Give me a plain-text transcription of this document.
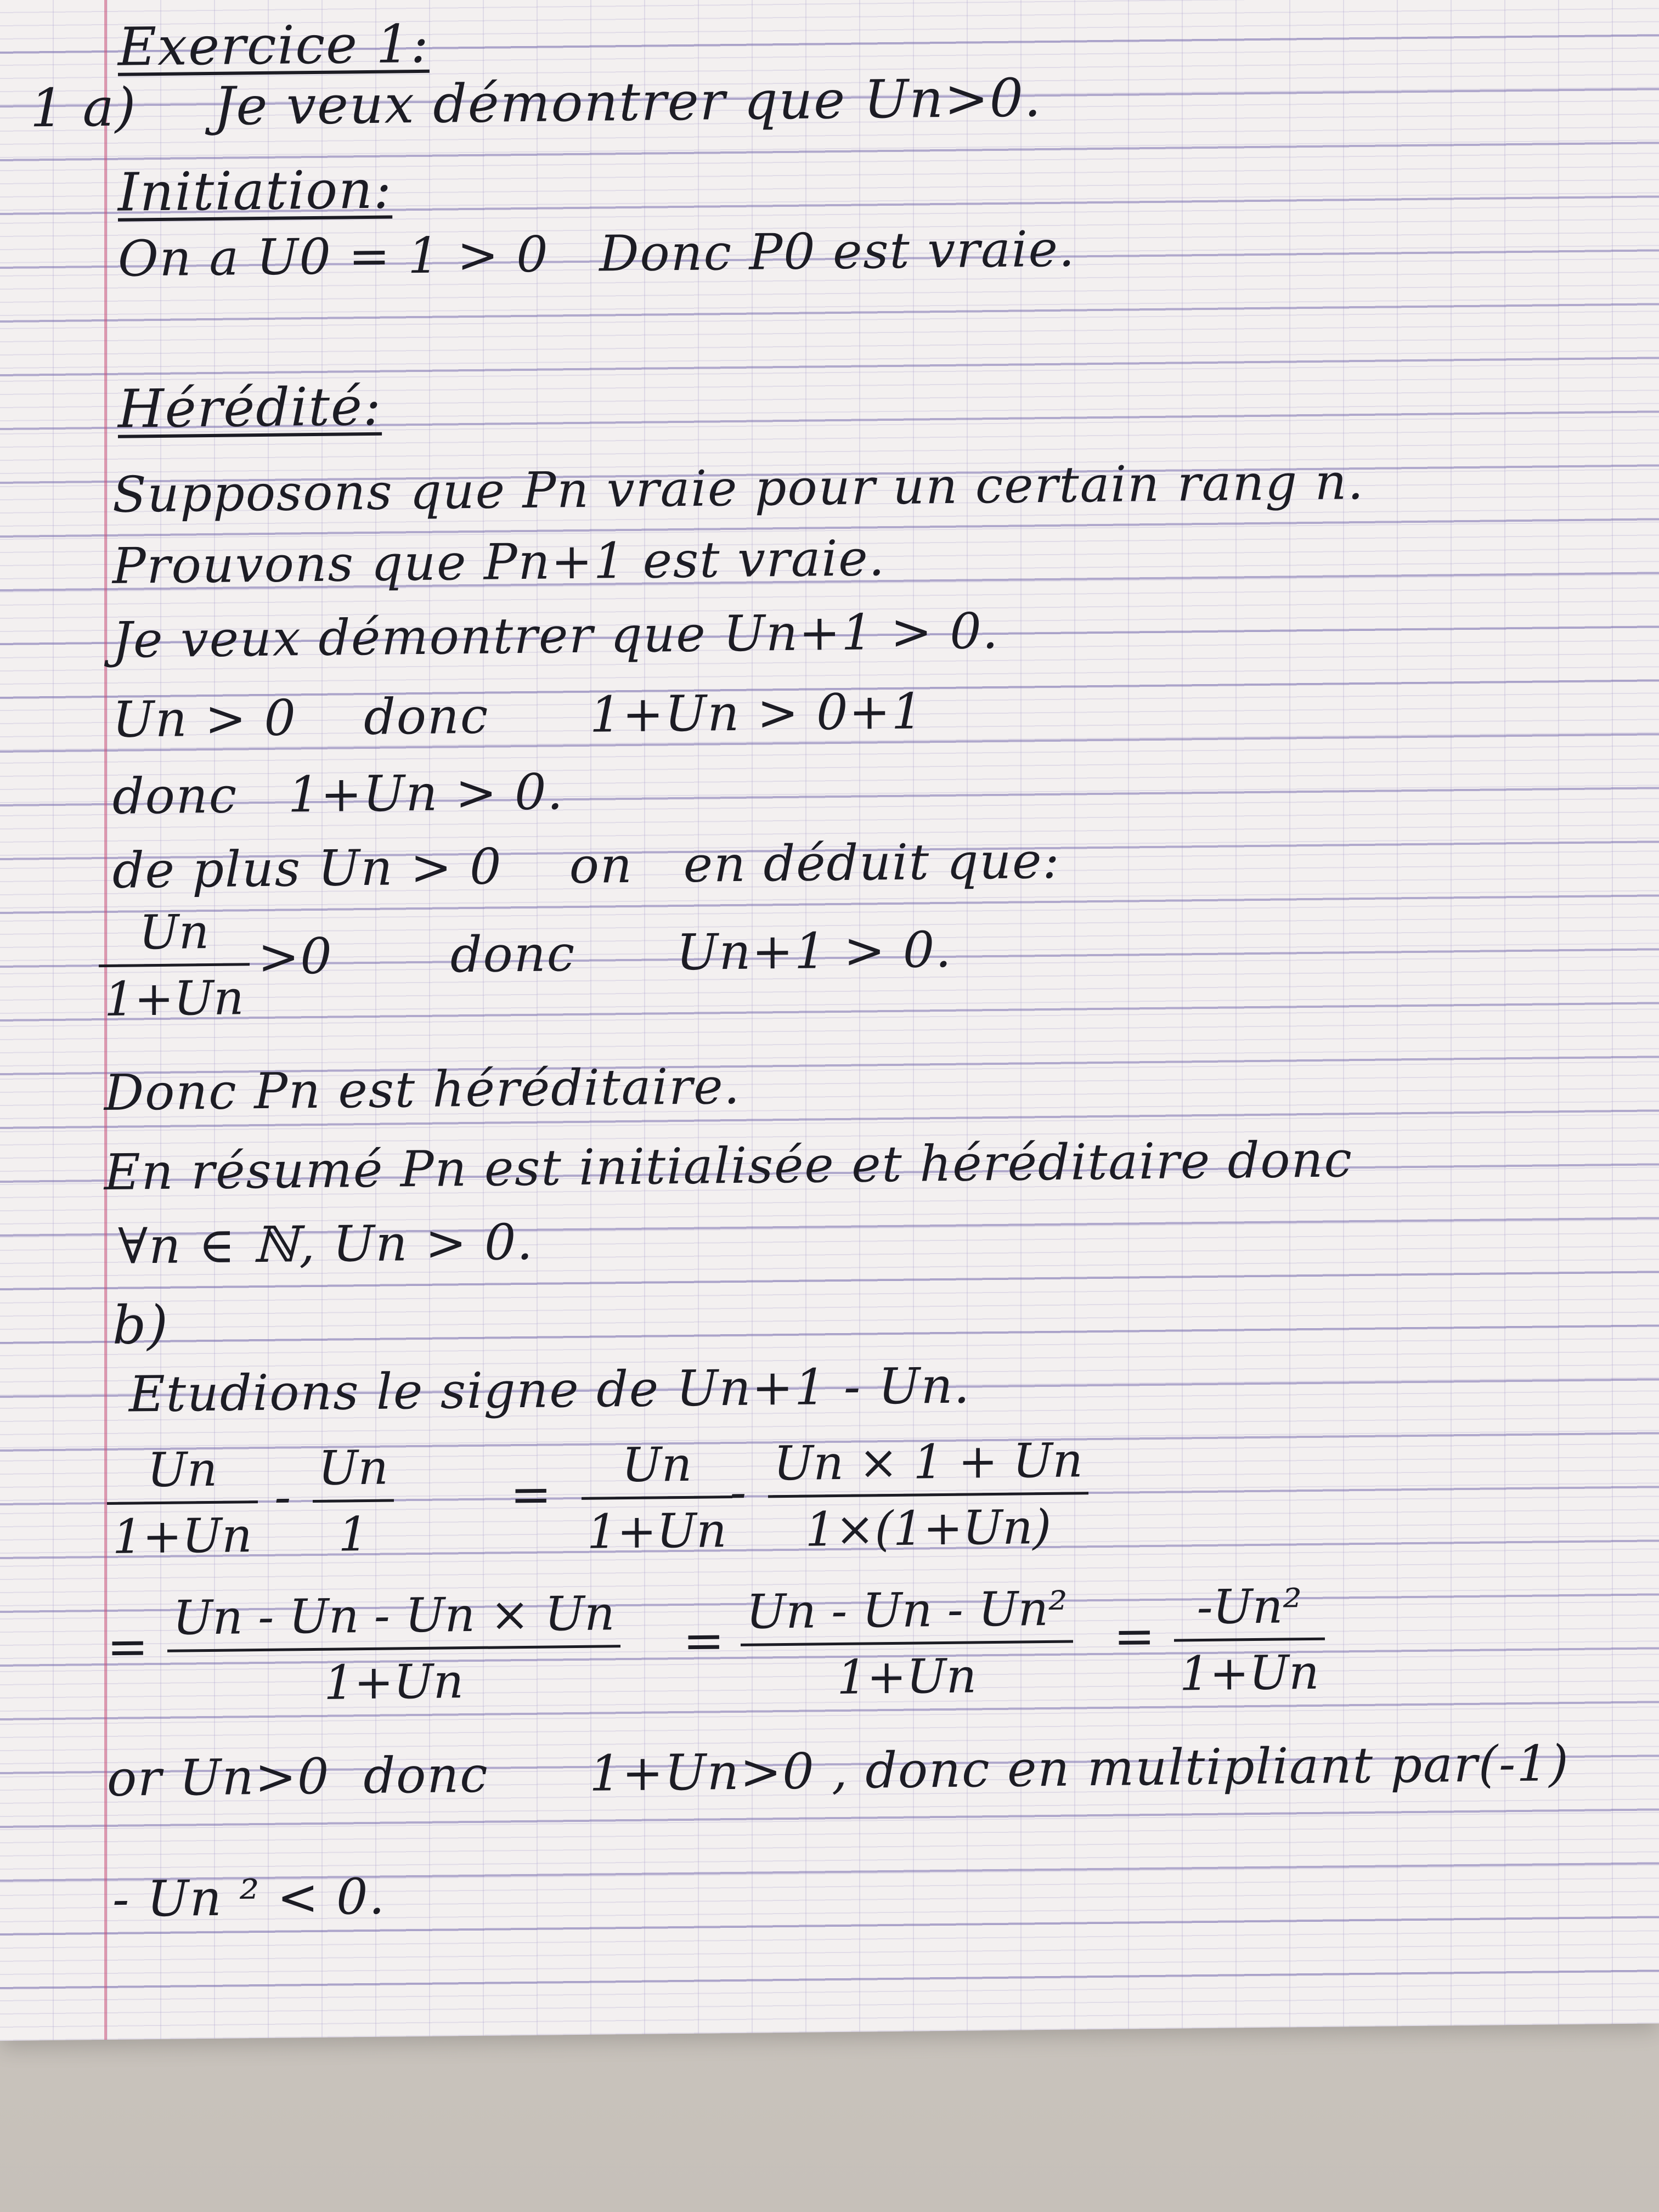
Exercice 1:
1 a) Je veux démontrer que Un>0.
Initiation:
On a U0 = 1 > 0   Donc P0 est vraie.
Hérédité:
Supposons que Pn vraie pour un certain rang n.
Prouvons que Pn+1 est vraie.
Je veux démontrer que Un+1 > 0.
Un > 0    donc      1+Un > 0+1
donc   1+Un > 0.
de plus Un > 0    on   en déduit que:
Un
1+Un
>0       donc      Un+1 > 0.
Donc Pn est héréditaire.
En résumé Pn est initialisée et héréditaire donc
∀n ∈ ℕ, Un > 0.
b)
Etudions le signe de Un+1 - Un.
Un
1+Un
-
Un
1
=
Un
1+Un
-
Un × 1 + Un
1×(1+Un)
=
Un - Un - Un × Un
1+Un
=
Un - Un - Un²
1+Un
=
-Un²
1+Un
or Un>0  donc      1+Un>0 , donc en multipliant par(-1)
- Un ² < 0.
